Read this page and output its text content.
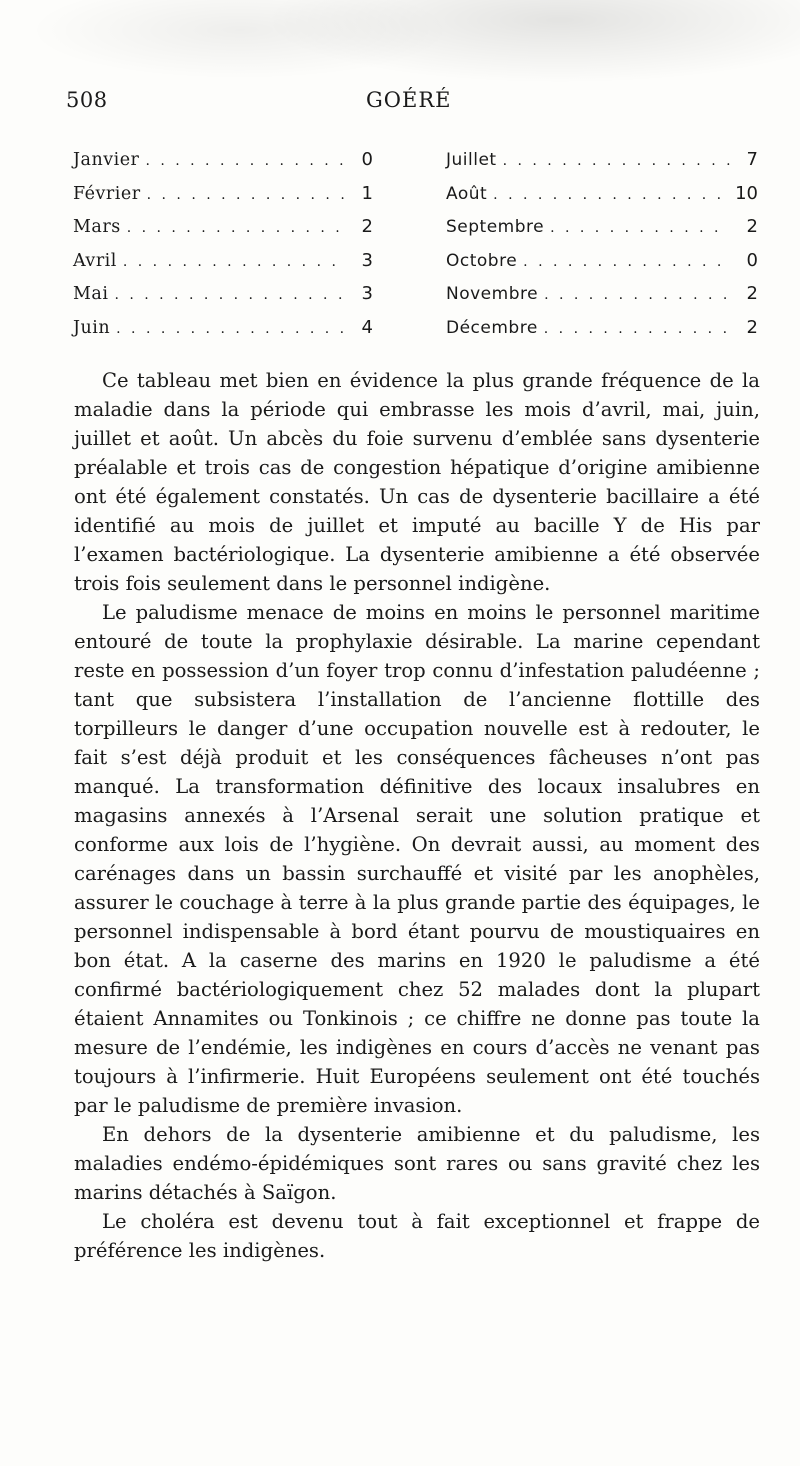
508	GOÉRÉ
Janvier . . .	0
Février . . .	1
Mars . . .	2
Avril . . .	3
Mai . . .	3
Juin . . .	4
Juillet . . .	7
Août . . .	10
Septembre . . .	2
Octobre . . .	0
Novembre . . .	2
Décembre . . .	2

Ce tableau met bien en évidence la plus grande fréquence de la maladie dans la période qui embrasse les mois d’avril, mai, juin, juillet et août. Un abcès du foie survenu d’emblée sans dysenterie préalable et trois cas de congestion hépatique d’origine amibienne ont été également constatés. Un cas de dysenterie bacillaire a été identifié au mois de juillet et imputé au bacille Y de His par l’examen bactériologique. La dysenterie amibienne a été observée trois fois seulement dans le personnel indigène.

Le paludisme menace de moins en moins le personnel maritime entouré de toute la prophylaxie désirable. La marine cependant reste en possession d’un foyer trop connu d’infestation paludéenne ; tant que subsistera l’installation de l’ancienne flottille des torpilleurs le danger d’une occupation nouvelle est à redouter, le fait s’est déjà produit et les conséquences fâcheuses n’ont pas manqué. La transformation définitive des locaux insalubres en magasins annexés à l’Arsenal serait une solution pratique et conforme aux lois de l’hygiène. On devrait aussi, au moment des carénages dans un bassin surchauffé et visité par les anophèles, assurer le couchage à terre à la plus grande partie des équipages, le personnel indispensable à bord étant pourvu de moustiquaires en bon état. A la caserne des marins en 1920 le paludisme a été confirmé bactériologiquement chez 52 malades dont la plupart étaient Annamites ou Tonkinois ; ce chiffre ne donne pas toute la mesure de l’endémie, les indigènes en cours d’accès ne venant pas toujours à l’infirmerie. Huit Européens seulement ont été touchés par le paludisme de première invasion.

En dehors de la dysenterie amibienne et du paludisme, les maladies endémo-épidémiques sont rares ou sans gravité chez les marins détachés à Saïgon.

Le choléra est devenu tout à fait exceptionnel et frappe de préférence les indigènes.
